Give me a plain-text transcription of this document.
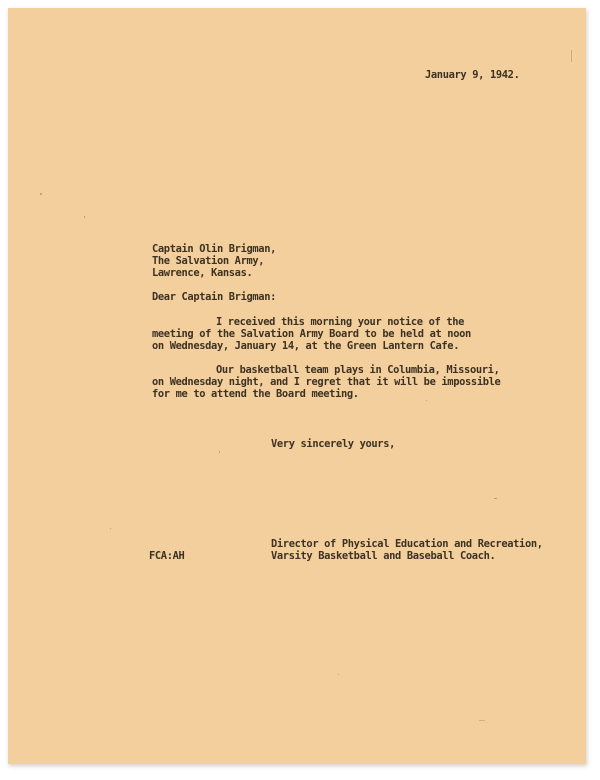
January 9, 1942.
Captain Olin Brigman,
The Salvation Army,
Lawrence, Kansas.
Dear Captain Brigman:
I received this morning your notice of the
meeting of the Salvation Army Board to be held at noon
on Wednesday, January 14, at the Green Lantern Cafe.
Our basketball team plays in Columbia, Missouri,
on Wednesday night, and I regret that it will be impossible
for me to attend the Board meeting.
Very sincerely yours,
FCA:AH
Director of Physical Education and Recreation,
Varsity Basketball and Baseball Coach.
